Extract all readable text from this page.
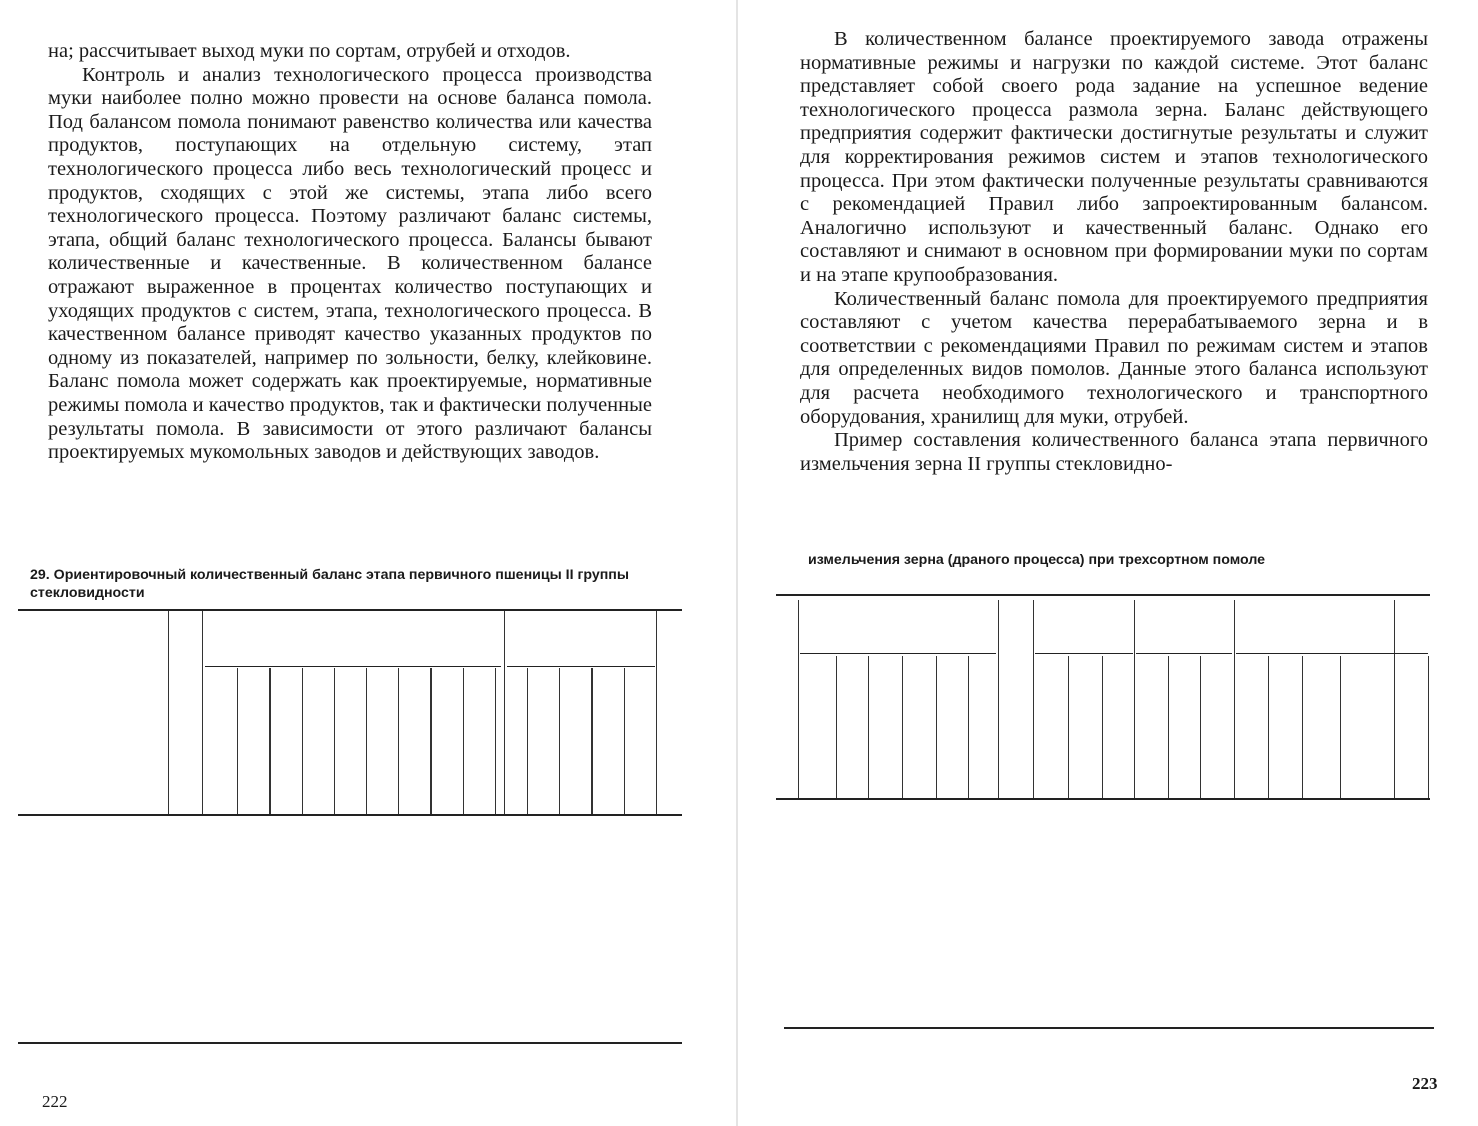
на; рассчитывает выход муки по сортам, отрубей и отходов.

Контроль и анализ технологического процесса производства муки наиболее полно можно провести на основе баланса помола. Под балансом помола понимают равенство количества или качества продуктов, поступающих на отдельную систему, этап технологического процесса либо весь технологический процесс и продуктов, сходящих с этой же системы, этапа либо всего технологического процесса. Поэтому различают баланс системы, этапа, общий баланс технологического процесса. Балансы бывают количественные и качественные. В количественном балансе отражают выраженное в процентах количество поступающих и уходящих продуктов с систем, этапа, технологического процесса. В качественном балансе приводят качество указанных продуктов по одному из показателей, например по зольности, белку, клейковине. Баланс помола может содержать как проектируемые, нормативные режимы помола и качество продуктов, так и фактически полученные результаты помола. В зависимости от этого различают балансы проектируемых мукомольных заводов и действующих заводов.

29. Ориентировочный количественный баланс этапа первичного пшеницы II группы стекловидности
222

В количественном балансе проектируемого завода отражены нормативные режимы и нагрузки по каждой системе. Этот баланс представляет собой своего рода задание на успешное ведение технологического процесса размола зерна. Баланс действующего предприятия содержит фактически достигнутые результаты и служит для корректирования режимов систем и этапов технологического процесса. При этом фактически полученные результаты сравниваются с рекомендацией Правил либо запроектированным балансом. Аналогично используют и качественный баланс. Однако его составляют и снимают в основном при формировании муки по сортам и на этапе крупообразования.

Количественный баланс помола для проектируемого предприятия составляют с учетом качества перерабатываемого зерна и в соответствии с рекомендациями Правил по режимам систем и этапов для определенных видов помолов. Данные этого баланса используют для расчета необходимого технологического и транспортного оборудования, хранилищ для муки, отрубей.

Пример составления количественного баланса этапа первичного измельчения зерна II группы стекловидно-

измельчения зерна (драного процесса) при трехсортном помоле
223
